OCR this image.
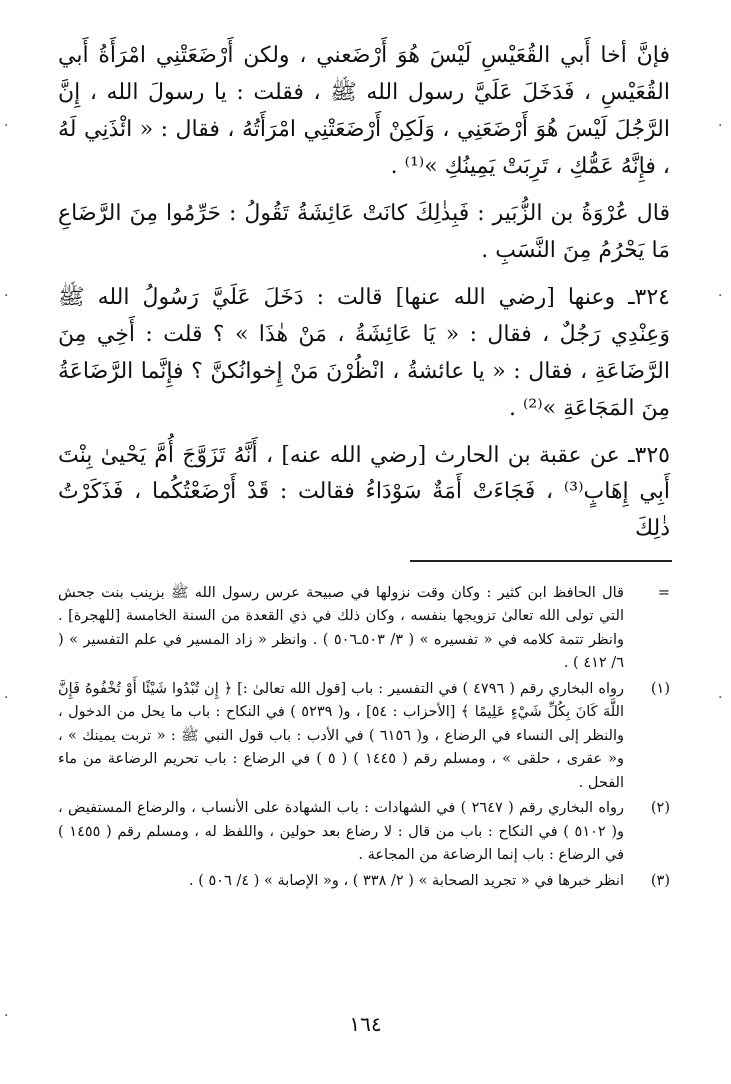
فإنَّ أخا أَبي القُعَيْسِ لَيْسَ هُوَ أَرْضَعني ، ولكن أَرْضَعَتْنِي امْرَأَةُ أَبي القُعَيْسِ ، فَدَخَلَ عَلَيَّ رسول الله ﷺ ، فقلت : يا رسولَ الله ، إِنَّ الرَّجُلَ لَيْسَ هُوَ أَرْضَعَنِي ، وَلَكِنْ أَرْضَعَتْنِي امْرَأَتُهُ ، فقال : « ائْذَنِي لَهُ ، فإِنَّهُ عَمُّكِ ، تَرِبَتْ يَمِينُكِ »⁽¹⁾ .

قال عُرْوَةُ بن الزُّبَير : فَبِذٰلِكَ كانَتْ عَائِشَةُ تَقُولُ : حَرِّمُوا مِنَ الرَّضَاعِ مَا يَحْرُمُ مِنَ النَّسَبِ .

٣٢٤ـ وعنها [رضي الله عنها] قالت : دَخَلَ عَلَيَّ رَسُولُ الله ﷺ وَعِنْدِي رَجُلٌ ، فقال : « يَا عَائِشَةُ ، مَنْ هٰذَا » ؟ قلت : أَخِي مِنَ الرَّضَاعَةِ ، فقال : « يا عائشةُ ، انْظُرْنَ مَنْ إِخوانُكنَّ ؟ فإِنَّما الرَّضَاعَةُ مِنَ المَجَاعَةِ »⁽²⁾ .

٣٢٥ـ عن عقبة بن الحارث [رضي الله عنه] ، أَنَّهُ تَزَوَّجَ أُمَّ يَحْيىٰ بِنْتَ أَبِي إِهَابٍ⁽³⁾ ، فَجَاءَتْ أَمَةٌ سَوْدَاءُ فقالت : قَدْ أَرْضَعْتُكُما ، فَذَكَرْتُ ذٰلِكَ

=
قال الحافظ ابن كثير : وكان وقت نزولها في صبيحة عرس رسول الله ﷺ بزينب بنت جحش التي تولى الله تعالىٰ تزويجها بنفسه ، وكان ذلك في ذي القعدة من السنة الخامسة [للهجرة] . وانظر تتمة كلامه في « تفسيره » ( ٣/ ٥٠٣ـ٥٠٦ ) . وانظر « زاد المسير في علم التفسير » ( ٦/ ٤١٢ ) .
(١)
رواه البخاري رقم ( ٤٧٩٦ ) في التفسير : باب [قول الله تعالىٰ :] ﴿ إِن تُبْدُوا شَيْئًا أَوْ تُخْفُوهُ فَإِنَّ اللَّهَ كَانَ بِكُلِّ شَيْءٍ عَلِيمًا ﴾ [الأحزاب : ٥٤] ، و( ٥٢٣٩ ) في النكاح : باب ما يحل من الدخول ، والنظر إلى النساء في الرضاع ، و( ٦١٥٦ ) في الأدب : باب قول النبي ﷺ : « تربت يمينك » ، و« عقرى ، حلقى » ، ومسلم رقم ( ١٤٤٥ ) ( ٥ ) في الرضاع : باب تحريم الرضاعة من ماء الفحل .
(٢)
رواه البخاري رقم ( ٢٦٤٧ ) في الشهادات : باب الشهادة على الأنساب ، والرضاع المستفيض ، و( ٥١٠٢ ) في النكاح : باب من قال : لا رضاع بعد حولين ، واللفظ له ، ومسلم رقم ( ١٤٥٥ ) في الرضاع : باب إنما الرضاعة من المجاعة .
(٣)
انظر خبرها في « تجريد الصحابة » ( ٢/ ٣٣٨ ) ، و« الإصابة » ( ٤/ ٥٠٦ ) .
١٦٤
·
·
·
·
·
·
·
